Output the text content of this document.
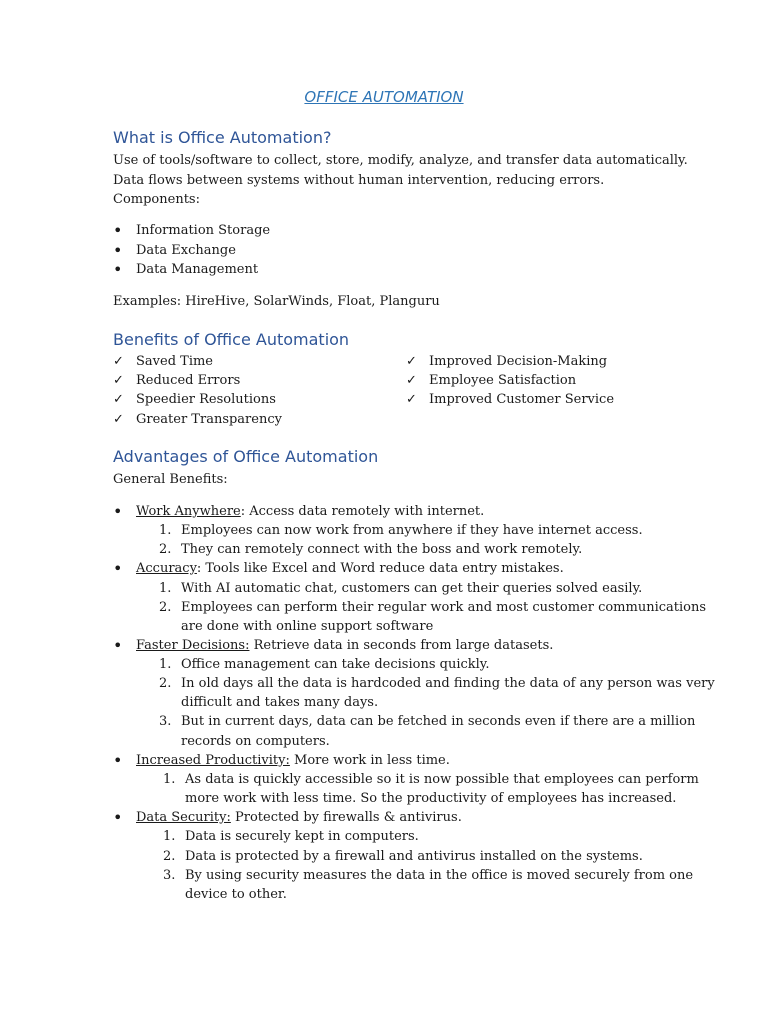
OFFICE AUTOMATION
What is Office Automation?
Use of tools/software to collect, store, modify, analyze, and transfer data automatically.
Data flows between systems without human intervention, reducing errors.
Components:
• Information Storage
• Data Exchange
• Data Management
Examples: HireHive, SolarWinds, Float, Planguru
Benefits of Office Automation
✓ Saved Time
✓ Reduced Errors
✓ Speedier Resolutions
✓ Greater Transparency
✓ Improved Decision-Making
✓ Employee Satisfaction
✓ Improved Customer Service
Advantages of Office Automation
General Benefits:
• Work Anywhere: Access data remotely with internet.
1. Employees can now work from anywhere if they have internet access.
2. They can remotely connect with the boss and work remotely.
• Accuracy: Tools like Excel and Word reduce data entry mistakes.
1. With AI automatic chat, customers can get their queries solved easily.
2. Employees can perform their regular work and most customer communications
are done with online support software
• Faster Decisions: Retrieve data in seconds from large datasets.
1. Office management can take decisions quickly.
2. In old days all the data is hardcoded and finding the data of any person was very
difficult and takes many days.
3. But in current days, data can be fetched in seconds even if there are a million
records on computers.
• Increased Productivity: More work in less time.
1. As data is quickly accessible so it is now possible that employees can perform
more work with less time. So the productivity of employees has increased.
• Data Security: Protected by firewalls & antivirus.
1. Data is securely kept in computers.
2. Data is protected by a firewall and antivirus installed on the systems.
3. By using security measures the data in the office is moved securely from one
device to other.
